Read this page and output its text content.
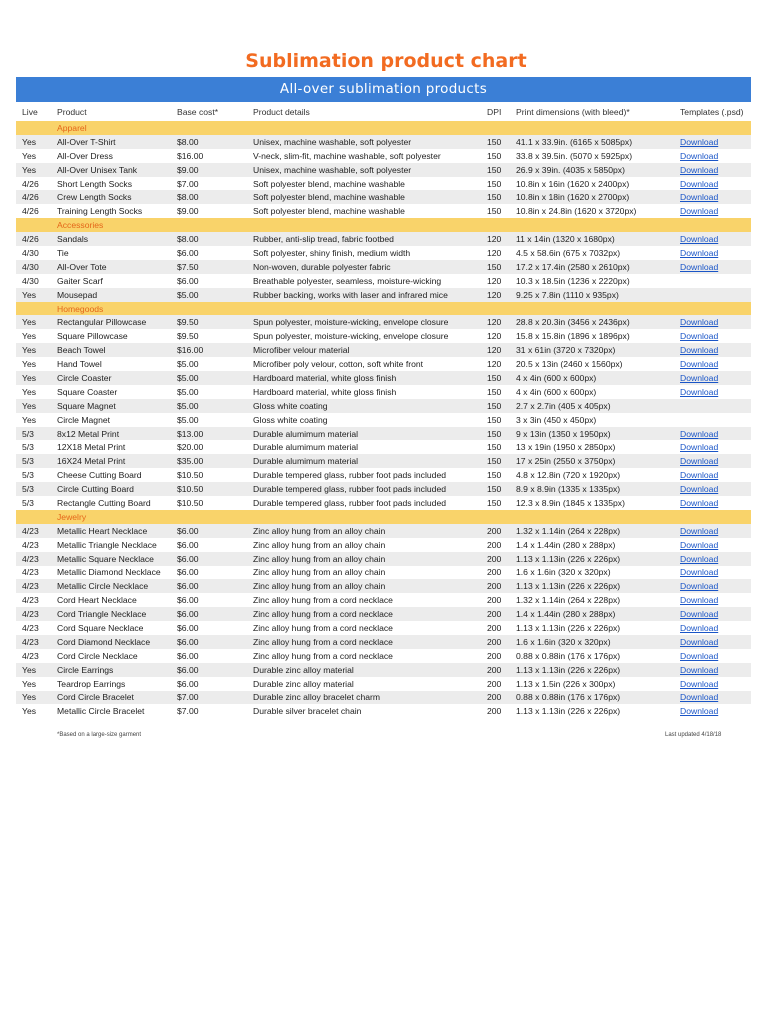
Sublimation product chart
All-over sublimation products
Live	Product	Base cost*	Product details	DPI	Print dimensions (with bleed)*	Templates (.psd)
	Apparel					
Yes	All-Over T-Shirt	$8.00	Unisex, machine washable, soft polyester	150	41.1 x 33.9in. (6165 x 5085px)	Download
Yes	All-Over Dress	$16.00	V-neck, slim-fit, machine washable, soft polyester	150	33.8 x 39.5in. (5070 x 5925px)	Download
Yes	All-Over Unisex Tank	$9.00	Unisex, machine washable, soft polyester	150	26.9 x 39in. (4035 x 5850px)	Download
4/26	Short Length Socks	$7.00	Soft polyester blend, machine washable	150	10.8in x 16in (1620 x 2400px)	Download
4/26	Crew Length Socks	$8.00	Soft polyester blend, machine washable	150	10.8in x 18in (1620 x 2700px)	Download
4/26	Training Length Socks	$9.00	Soft polyester blend, machine washable	150	10.8in x 24.8in (1620 x 3720px)	Download
	Accessories					
4/26	Sandals	$8.00	Rubber, anti-slip tread, fabric footbed	120	11 x 14in (1320 x 1680px)	Download
4/30	Tie	$6.00	Soft polyester, shiny finish, medium width	120	4.5 x 58.6in (675 x 7032px)	Download
4/30	All-Over Tote	$7.50	Non-woven, durable polyester fabric	150	17.2 x 17.4in (2580 x 2610px)	Download
4/30	Gaiter Scarf	$6.00	Breathable polyester, seamless, moisture-wicking	120	10.3 x 18.5in (1236 x 2220px)	
Yes	Mousepad	$5.00	Rubber backing, works with laser and infrared mice	120	9.25 x 7.8in (1110 x 935px)	
	Homegoods					
Yes	Rectangular Pillowcase	$9.50	Spun polyester, moisture-wicking, envelope closure	120	28.8 x 20.3in (3456 x 2436px)	Download
Yes	Square Pillowcase	$9.50	Spun polyester, moisture-wicking, envelope closure	120	15.8 x 15.8in (1896 x 1896px)	Download
Yes	Beach Towel	$16.00	Microfiber velour material	120	31 x 61in (3720 x 7320px)	Download
Yes	Hand Towel	$5.00	Microfiber poly velour, cotton, soft white front	120	20.5 x 13in (2460 x 1560px)	Download
Yes	Circle Coaster	$5.00	Hardboard material, white gloss finish	150	4 x 4in (600 x 600px)	Download
Yes	Square Coaster	$5.00	Hardboard material, white gloss finish	150	4 x 4in (600 x 600px)	Download
Yes	Square Magnet	$5.00	Gloss white coating	150	2.7 x 2.7in (405 x 405px)	
Yes	Circle Magnet	$5.00	Gloss white coating	150	3 x 3in (450 x 450px)	
5/3	8x12 Metal Print	$13.00	Durable alumimum material	150	9 x 13in (1350 x 1950px)	Download
5/3	12X18 Metal Print	$20.00	Durable alumimum material	150	13 x 19in (1950 x 2850px)	Download
5/3	16X24 Metal Print	$35.00	Durable alumimum material	150	17 x 25in (2550 x 3750px)	Download
5/3	Cheese Cutting Board	$10.50	Durable tempered glass, rubber foot pads included	150	4.8 x 12.8in (720 x 1920px)	Download
5/3	Circle Cutting Board	$10.50	Durable tempered glass, rubber foot pads included	150	8.9 x 8.9in (1335 x 1335px)	Download
5/3	Rectangle Cutting Board	$10.50	Durable tempered glass, rubber foot pads included	150	12.3 x 8.9in (1845 x 1335px)	Download
	Jewelry					
4/23	Metallic Heart Necklace	$6.00	Zinc alloy hung from an alloy chain	200	1.32 x 1.14in (264 x 228px)	Download
4/23	Metallic Triangle Necklace	$6.00	Zinc alloy hung from an alloy chain	200	1.4 x 1.44in (280 x 288px)	Download
4/23	Metallic Square Necklace	$6.00	Zinc alloy hung from an alloy chain	200	1.13 x 1.13in (226 x 226px)	Download
4/23	Metallic Diamond Necklace	$6.00	Zinc alloy hung from an alloy chain	200	1.6 x 1.6in (320 x 320px)	Download
4/23	Metallic Circle Necklace	$6.00	Zinc alloy hung from an alloy chain	200	1.13 x 1.13in (226 x 226px)	Download
4/23	Cord Heart Necklace	$6.00	Zinc alloy hung from a cord necklace	200	1.32 x 1.14in (264 x 228px)	Download
4/23	Cord Triangle Necklace	$6.00	Zinc alloy hung from a cord necklace	200	1.4 x 1.44in (280 x 288px)	Download
4/23	Cord Square Necklace	$6.00	Zinc alloy hung from a cord necklace	200	1.13 x 1.13in (226 x 226px)	Download
4/23	Cord Diamond Necklace	$6.00	Zinc alloy hung from a cord necklace	200	1.6 x 1.6in (320 x 320px)	Download
4/23	Cord Circle Necklace	$6.00	Zinc alloy hung from a cord necklace	200	0.88 x 0.88in (176 x 176px)	Download
Yes	Circle Earrings	$6.00	Durable zinc alloy material	200	1.13 x 1.13in (226 x 226px)	Download
Yes	Teardrop Earrings	$6.00	Durable zinc alloy material	200	1.13 x 1.5in (226 x 300px)	Download
Yes	Cord Circle Bracelet	$7.00	Durable zinc alloy bracelet charm	200	0.88 x 0.88in (176 x 176px)	Download
Yes	Metallic Circle Bracelet	$7.00	Durable silver bracelet chain	200	1.13 x 1.13in (226 x 226px)	Download
*Based on a large-size garment	Last updated 4/18/18
